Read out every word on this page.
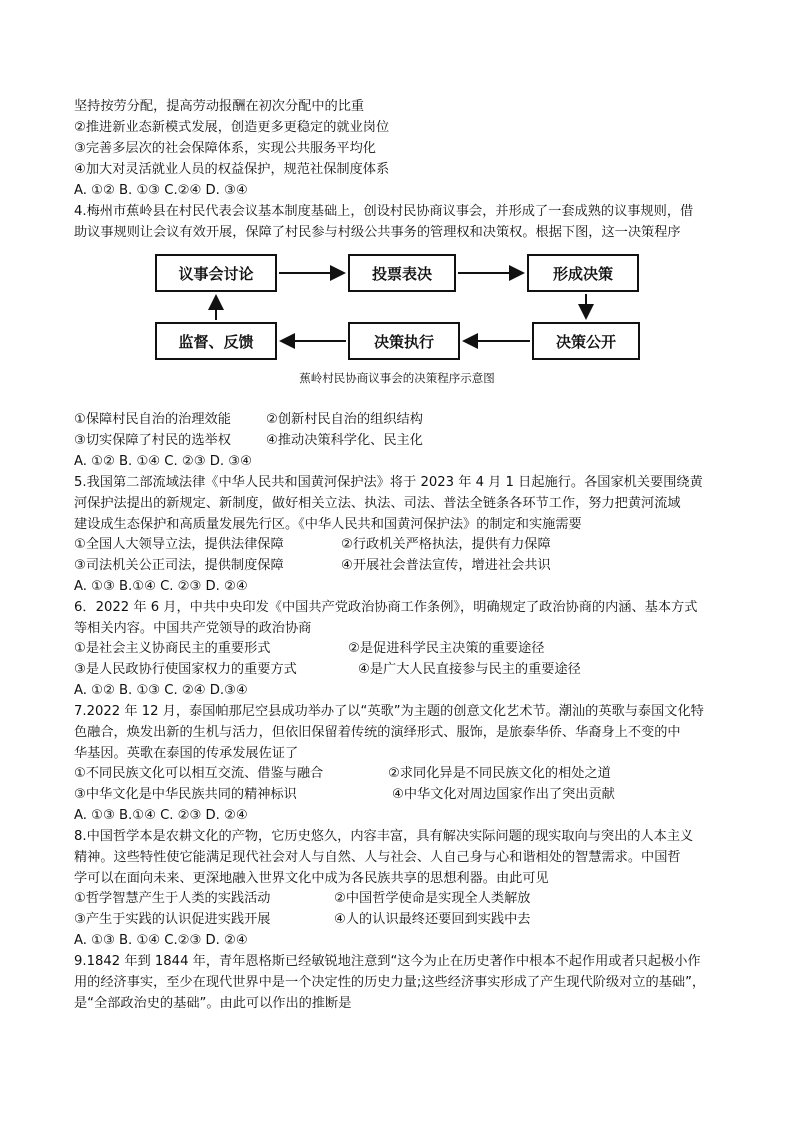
坚持按劳分配，提高劳动报酬在初次分配中的比重
②推进新业态新模式发展，创造更多更稳定的就业岗位
③完善多层次的社会保障体系，实现公共服务平均化
④加大对灵活就业人员的权益保护，规范社保制度体系
A. ①② B. ①③ C.②④ D. ③④
4.梅州市蕉岭县在村民代表会议基本制度基础上，创设村民协商议事会，并形成了一套成熟的议事规则，借
助议事规则让会议有效开展，保障了村民参与村级公共事务的管理权和决策权。根据下图，这一决策程序
议事会讨论	投票表决	形成决策
决策公开
决策执行
监督、反馈
蕉岭村民协商议事会的决策程序示意图
①保障村民自治的治理效能	②创新村民自治的组织结构
③切实保障了村民的选举权	④推动决策科学化、民主化
A. ①② B. ①④ C. ②③ D. ③④
5.我国第二部流域法律《中华人民共和国黄河保护法》将于 2023 年 4 月 1 日起施行。各国家机关要围绕黄
河保护法提出的新规定、新制度，做好相关立法、执法、司法、普法全链条各环节工作，努力把黄河流域
建设成生态保护和高质量发展先行区。《中华人民共和国黄河保护法》的制定和实施需要
①全国人大领导立法，提供法律保障	②行政机关严格执法，提供有力保障
③司法机关公正司法，提供制度保障	④开展社会普法宣传，增进社会共识
A. ①③ B.①④ C. ②③ D. ②④
6．2022 年 6 月，中共中央印发《中国共产党政治协商工作条例》，明确规定了政治协商的内涵、基本方式
等相关内容。中国共产党领导的政治协商
①是社会主义协商民主的重要形式	②是促进科学民主决策的重要途径
③是人民政协行使国家权力的重要方式	④是广大人民直接参与民主的重要途径
A. ①② B. ①③ C. ②④ D.③④
7.2022 年 12 月，泰国帕那尼空县成功举办了以“英歌”为主题的创意文化艺术节。潮汕的英歌与泰国文化特
色融合，焕发出新的生机与活力，但依旧保留着传统的演绎形式、服饰，是旅泰华侨、华裔身上不变的中
华基因。英歌在泰国的传承发展佐证了
①不同民族文化可以相互交流、借鉴与融合	②求同化异是不同民族文化的相处之道
③中华文化是中华民族共同的精神标识	④中华文化对周边国家作出了突出贡献
A. ①③ B.①④ C. ②③ D. ②④
8.中国哲学本是农耕文化的产物，它历史悠久，内容丰富，具有解决实际问题的现实取向与突出的人本主义
精神。这些特性使它能满足现代社会对人与自然、人与社会、人自己身与心和谐相处的智慧需求。中国哲
学可以在面向未来、更深地融入世界文化中成为各民族共享的思想利器。由此可见
①哲学智慧产生于人类的实践活动	②中国哲学使命是实现全人类解放
③产生于实践的认识促进实践开展	④人的认识最终还要回到实践中去
A. ①③ B. ①④ C.②③ D. ②④
9.1842 年到 1844 年，青年恩格斯已经敏锐地注意到“这今为止在历史著作中根本不起作用或者只起极小作
用的经济事实，至少在现代世界中是一个决定性的历史力量;这些经济事实形成了产生现代阶级对立的基础”，
是“全部政治史的基础”。由此可以作出的推断是
